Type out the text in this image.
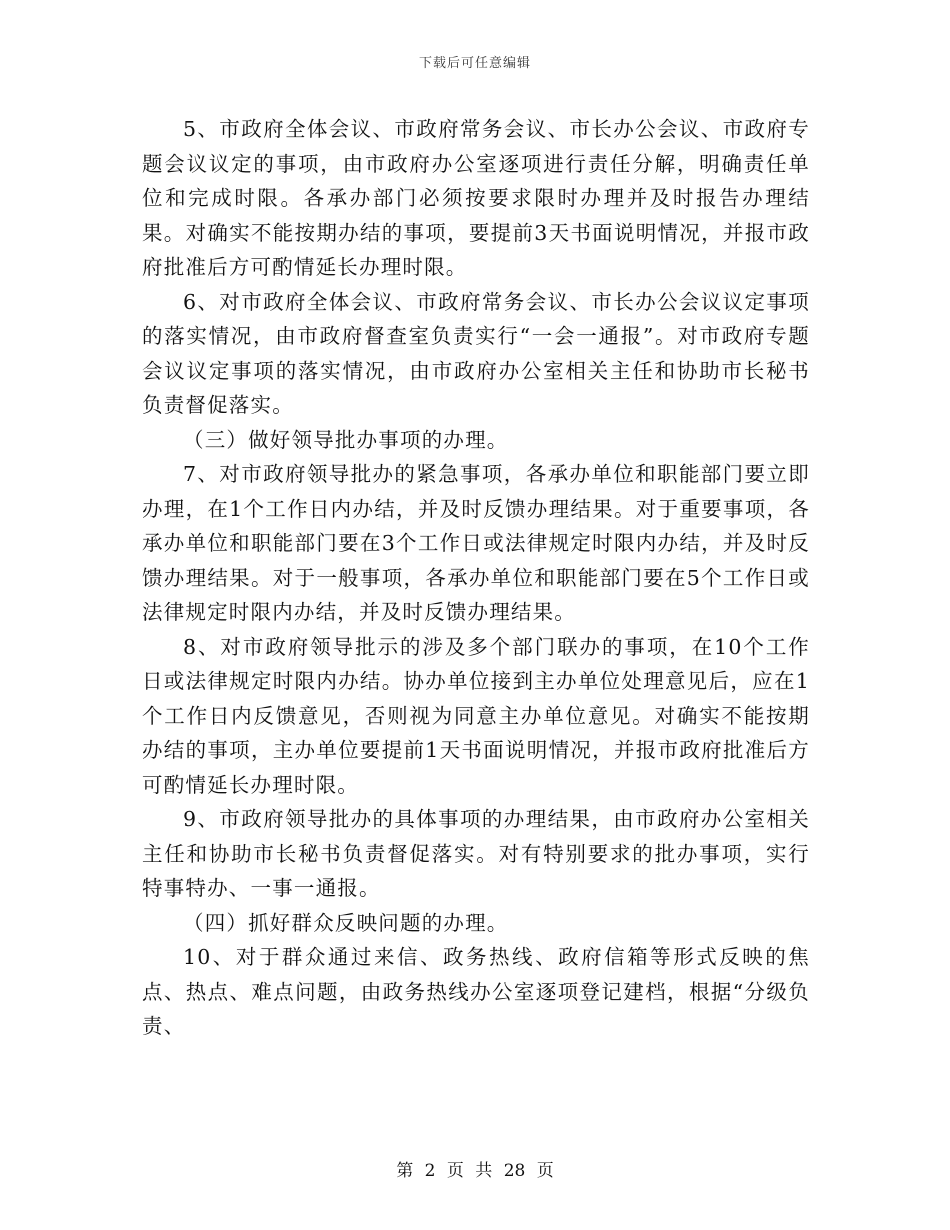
下载后可任意编辑

5、市政府全体会议、市政府常务会议、市长办公会议、市政府专题会议议定的事项，由市政府办公室逐项进行责任分解，明确责任单位和完成时限。各承办部门必须按要求限时办理并及时报告办理结果。对确实不能按期办结的事项，要提前3天书面说明情况，并报市政府批准后方可酌情延长办理时限。

6、对市政府全体会议、市政府常务会议、市长办公会议议定事项的落实情况，由市政府督查室负责实行“一会一通报”。对市政府专题会议议定事项的落实情况，由市政府办公室相关主任和协助市长秘书负责督促落实。

（三）做好领导批办事项的办理。

7、对市政府领导批办的紧急事项，各承办单位和职能部门要立即办理，在1个工作日内办结，并及时反馈办理结果。对于重要事项，各承办单位和职能部门要在3个工作日或法律规定时限内办结，并及时反馈办理结果。对于一般事项，各承办单位和职能部门要在5个工作日或法律规定时限内办结，并及时反馈办理结果。

8、对市政府领导批示的涉及多个部门联办的事项，在10个工作日或法律规定时限内办结。协办单位接到主办单位处理意见后，应在1个工作日内反馈意见，否则视为同意主办单位意见。对确实不能按期办结的事项，主办单位要提前1天书面说明情况，并报市政府批准后方可酌情延长办理时限。

9、市政府领导批办的具体事项的办理结果，由市政府办公室相关主任和协助市长秘书负责督促落实。对有特别要求的批办事项，实行特事特办、一事一通报。

（四）抓好群众反映问题的办理。

10、对于群众通过来信、政务热线、政府信箱等形式反映的焦点、热点、难点问题，由政务热线办公室逐项登记建档，根据“分级负责、

第 2 页 共 28 页
